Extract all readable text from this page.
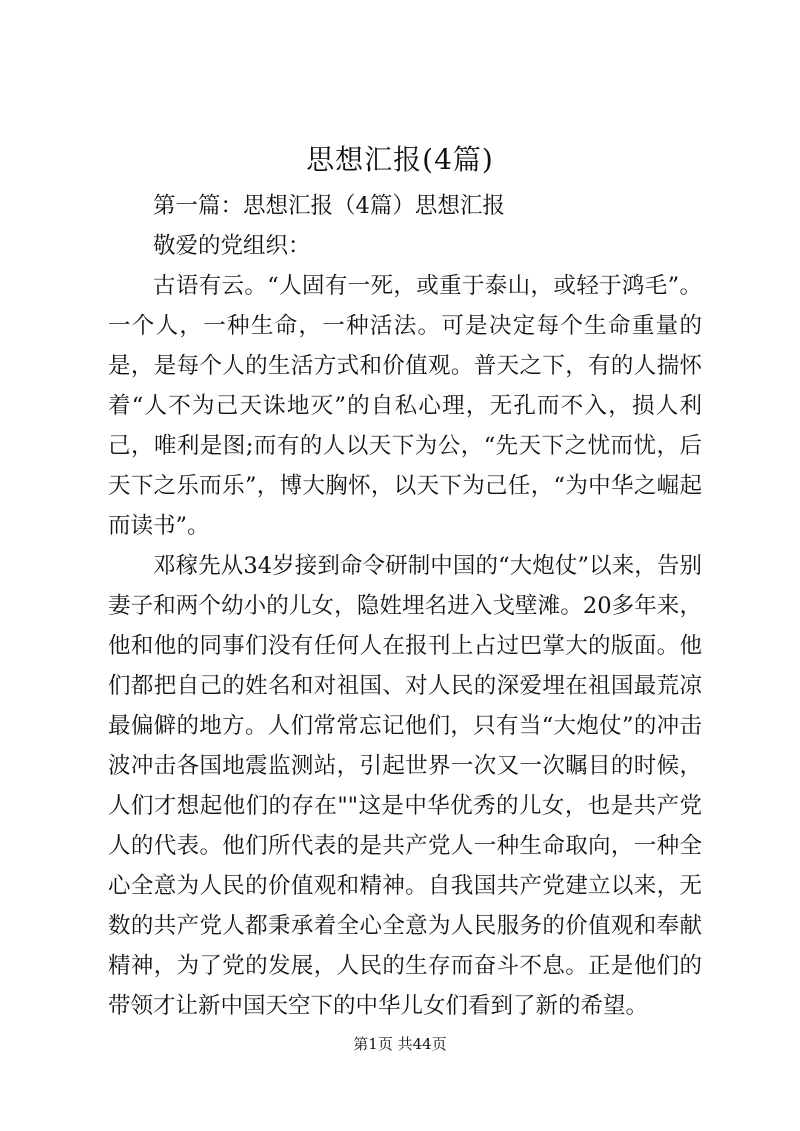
思想汇报(4篇)

第一篇：思想汇报（4篇）思想汇报

敬爱的党组织：

古语有云。“人固有一死，或重于泰山，或轻于鸿毛”。一个人，一种生命，一种活法。可是决定每个生命重量的是，是每个人的生活方式和价值观。普天之下，有的人揣怀着“人不为己天诛地灭”的自私心理，无孔而不入，损人利己，唯利是图;而有的人以天下为公，“先天下之忧而忧，后天下之乐而乐”，博大胸怀，以天下为己任，“为中华之崛起而读书”。

邓稼先从34岁接到命令研制中国的“大炮仗”以来，告别妻子和两个幼小的儿女，隐姓埋名进入戈壁滩。20多年来，他和他的同事们没有任何人在报刊上占过巴掌大的版面。他们都把自己的姓名和对祖国、对人民的深爱埋在祖国最荒凉最偏僻的地方。人们常常忘记他们，只有当“大炮仗”的冲击波冲击各国地震监测站，引起世界一次又一次瞩目的时候，人们才想起他们的存在""这是中华优秀的儿女，也是共产党人的代表。他们所代表的是共产党人一种生命取向，一种全心全意为人民的价值观和精神。自我国共产党建立以来，无数的共产党人都秉承着全心全意为人民服务的价值观和奉献精神，为了党的发展，人民的生存而奋斗不息。正是他们的带领才让新中国天空下的中华儿女们看到了新的希望。

第1页 共44页
